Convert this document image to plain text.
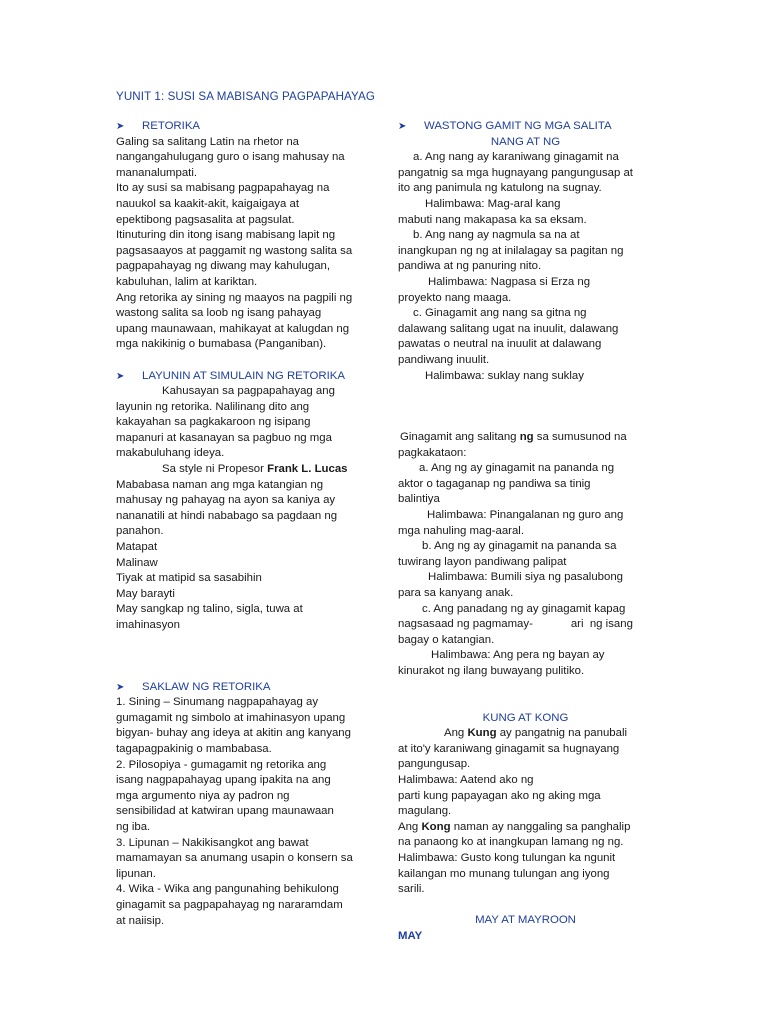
YUNIT 1: SUSI SA MABISANG PAGPAPAHAYAG
➤ RETORIKA

Galing sa salitang Latin na rhetor na

nangangahulugang guro o isang mahusay na

mananalumpati.

Ito ay susi sa mabisang pagpapahayag na

nauukol sa kaakit-akit, kaigaigaya at

epektibong pagsasalita at pagsulat.

Itinuturing din itong isang mabisang lapit ng

pagsasaayos at paggamit ng wastong salita sa

pagpapahayag ng diwang may kahulugan,

kabuluhan, lalim at kariktan.

Ang retorika ay sining ng maayos na pagpili ng

wastong salita sa loob ng isang pahayag

upang maunawaan, mahikayat at kalugdan ng

mga nakikinig o bumabasa (Panganiban).

➤ LAYUNIN AT SIMULAIN NG RETORIKA

Kahusayan sa pagpapahayag ang

layunin ng retorika. Nalilinang dito ang

kakayahan sa pagkakaroon ng isipang

mapanuri at kasanayan sa pagbuo ng mga

makabuluhang ideya.

Sa style ni Propesor Frank L. Lucas

Mababasa naman ang mga katangian ng

mahusay ng pahayag na ayon sa kaniya ay

nananatili at hindi nababago sa pagdaan ng

panahon.

Matapat

Malinaw

Tiyak at matipid sa sasabihin

May barayti

May sangkap ng talino, sigla, tuwa at

imahinasyon

➤ SAKLAW NG RETORIKA

1. Sining – Sinumang nagpapahayag ay

gumagamit ng simbolo at imahinasyon upang

bigyan- buhay ang ideya at akitin ang kanyang

tagapagpakinig o mambabasa.

2. Pilosopiya - gumagamit ng retorika ang

isang nagpapahayag upang ipakita na ang

mga argumento niya ay padron ng

sensibilidad at katwiran upang maunawaan

ng iba.

3. Lipunan – Nakikisangkot ang bawat

mamamayan sa anumang usapin o konsern sa

lipunan.

4. Wika - Wika ang pangunahing behikulong

ginagamit sa pagpapahayag ng nararamdam

at naiisip.

➤ WASTONG GAMIT NG MGA SALITA

NANG AT NG

a. Ang nang ay karaniwang ginagamit na

pangatnig sa mga hugnayang pangungusap at

ito ang panimula ng katulong na sugnay.

Halimbawa: Mag-aral kang

mabuti nang makapasa ka sa eksam.

b. Ang nang ay nagmula sa na at

inangkupan ng ng at inilalagay sa pagitan ng

pandiwa at ng panuring nito.

Halimbawa: Nagpasa si Erza ng

proyekto nang maaga.

c. Ginagamit ang nang sa gitna ng

dalawang salitang ugat na inuulit, dalawang

pawatas o neutral na inuulit at dalawang

pandiwang inuulit.

Halimbawa: suklay nang suklay

Ginagamit ang salitang ng sa sumusunod na

pagkakataon:

a. Ang ng ay ginagamit na pananda ng

aktor o tagaganap ng pandiwa sa tinig

balintiya

Halimbawa: Pinangalanan ng guro ang

mga nahuling mag-aaral.

b. Ang ng ay ginagamit na pananda sa

tuwirang layon pandiwang palipat

Halimbawa: Bumili siya ng pasalubong

para sa kanyang anak.

c. Ang panadang ng ay ginagamit kapag

nagsasaad ng pagmamay-            ari  ng isang

bagay o katangian.

Halimbawa: Ang pera ng bayan ay

kinurakot ng ilang buwayang pulitiko.

KUNG AT KONG

Ang Kung ay pangatnig na panubali

at ito'y karaniwang ginagamit sa hugnayang

pangungusap.

Halimbawa: Aatend ako ng

parti kung papayagan ako ng aking mga

magulang.

Ang Kong naman ay nanggaling sa panghalip

na panaong ko at inangkupan lamang ng ng.

Halimbawa: Gusto kong tulungan ka ngunit

kailangan mo munang tulungan ang iyong

sarili.

MAY AT MAYROON

MAY
